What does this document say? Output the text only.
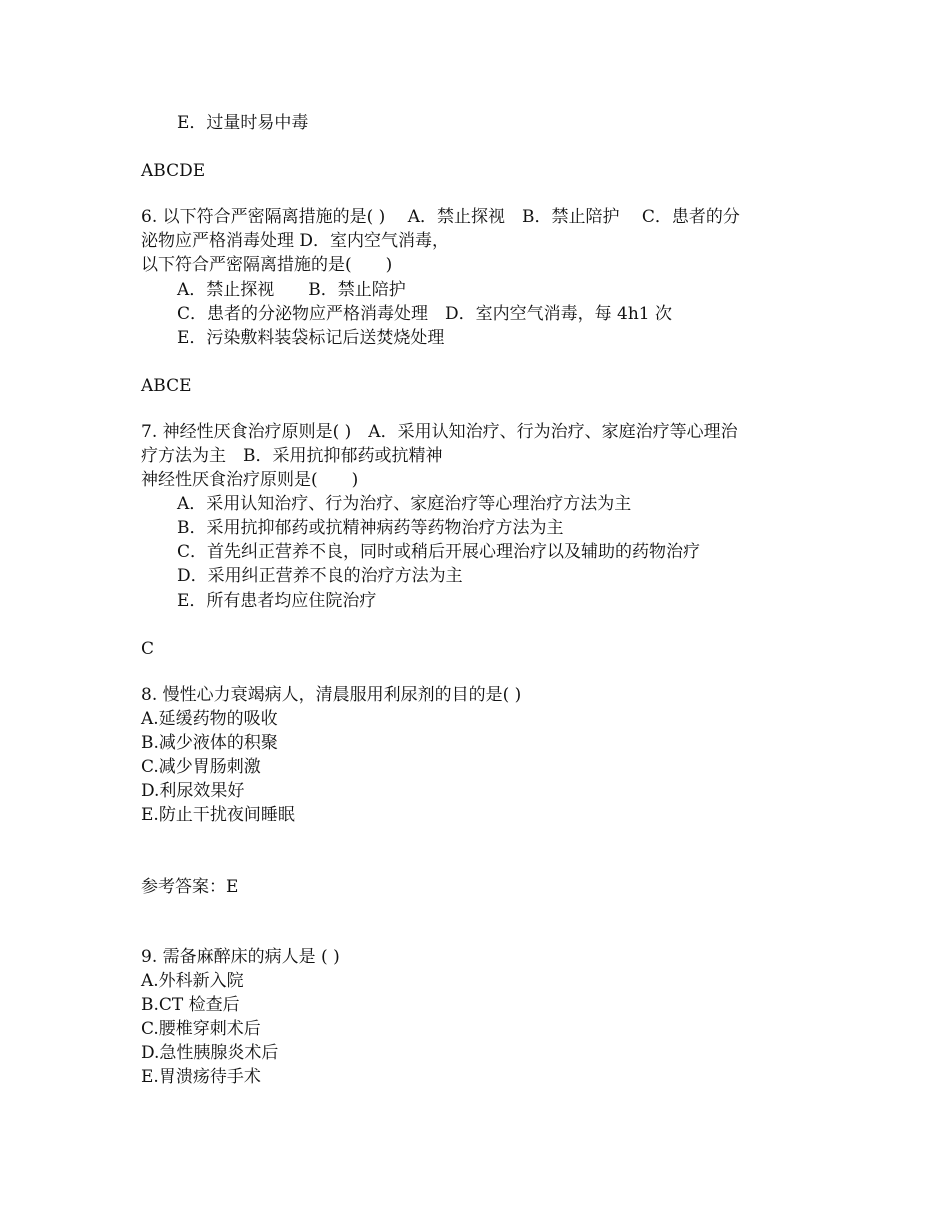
E．过量时易中毒
ABCDE
6. 以下符合严密隔离措施的是( )　 A．禁止探视　B．禁止陪护　 C．患者的分
泌物应严格消毒处理 D．室内空气消毒，
以下符合严密隔离措施的是(　　)
A．禁止探视　　B．禁止陪护
C．患者的分泌物应严格消毒处理　D．室内空气消毒，每 4h1 次
E．污染敷料装袋标记后送焚烧处理
ABCE
7. 神经性厌食治疗原则是( )　A．采用认知治疗、行为治疗、家庭治疗等心理治
疗方法为主　B．采用抗抑郁药或抗精神
神经性厌食治疗原则是(　　)
A．采用认知治疗、行为治疗、家庭治疗等心理治疗方法为主
B．采用抗抑郁药或抗精神病药等药物治疗方法为主
C．首先纠正营养不良，同时或稍后开展心理治疗以及辅助的药物治疗
D．采用纠正营养不良的治疗方法为主
E．所有患者均应住院治疗
C
8. 慢性心力衰竭病人，清晨服用利尿剂的目的是( )
A.延缓药物的吸收
B.减少液体的积聚
C.减少胃肠刺激
D.利尿效果好
E.防止干扰夜间睡眠
参考答案：E
9. 需备麻醉床的病人是 ( )
A.外科新入院
B.CT 检查后
C.腰椎穿刺术后
D.急性胰腺炎术后
E.胃溃疡待手术
